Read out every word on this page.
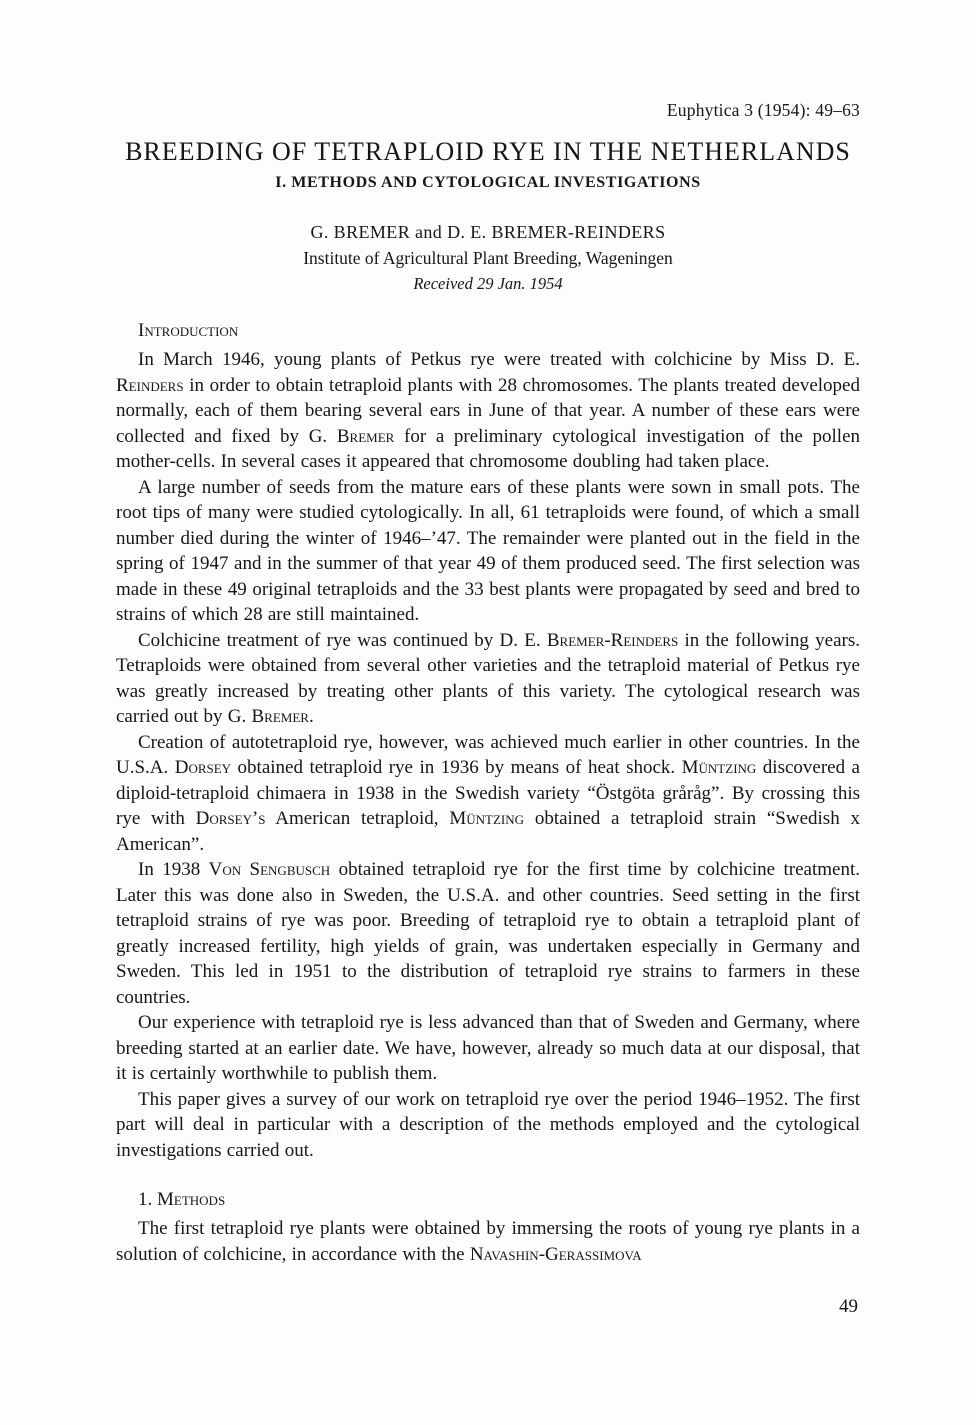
Euphytica 3 (1954): 49–63
BREEDING OF TETRAPLOID RYE IN THE NETHERLANDS
I. METHODS AND CYTOLOGICAL INVESTIGATIONS
G. BREMER and D. E. BREMER-REINDERS
Institute of Agricultural Plant Breeding, Wageningen
Received 29 Jan. 1954
Introduction

In March 1946, young plants of Petkus rye were treated with colchicine by Miss D. E. Reinders in order to obtain tetraploid plants with 28 chromosomes. The plants treated developed normally, each of them bearing several ears in June of that year. A number of these ears were collected and fixed by G. Bremer for a preliminary cytological investigation of the pollen mother-cells. In several cases it appeared that chromosome doubling had taken place.

A large number of seeds from the mature ears of these plants were sown in small pots. The root tips of many were studied cytologically. In all, 61 tetraploids were found, of which a small number died during the winter of 1946–’47. The remainder were planted out in the field in the spring of 1947 and in the summer of that year 49 of them produced seed. The first selection was made in these 49 original tetraploids and the 33 best plants were propagated by seed and bred to strains of which 28 are still maintained.

Colchicine treatment of rye was continued by D. E. Bremer-Reinders in the following years. Tetraploids were obtained from several other varieties and the tetraploid material of Petkus rye was greatly increased by treating other plants of this variety. The cytological research was carried out by G. Bremer.

Creation of autotetraploid rye, however, was achieved much earlier in other countries. In the U.S.A. Dorsey obtained tetraploid rye in 1936 by means of heat shock. Müntzing discovered a diploid-tetraploid chimaera in 1938 in the Swedish variety “Östgöta gråråg”. By crossing this rye with Dorsey’s American tetraploid, Müntzing obtained a tetraploid strain “Swedish x American”.

In 1938 Von Sengbusch obtained tetraploid rye for the first time by colchicine treatment. Later this was done also in Sweden, the U.S.A. and other countries. Seed setting in the first tetraploid strains of rye was poor. Breeding of tetraploid rye to obtain a tetraploid plant of greatly increased fertility, high yields of grain, was undertaken especially in Germany and Sweden. This led in 1951 to the distribution of tetraploid rye strains to farmers in these countries.

Our experience with tetraploid rye is less advanced than that of Sweden and Germany, where breeding started at an earlier date. We have, however, already so much data at our disposal, that it is certainly worthwhile to publish them.

This paper gives a survey of our work on tetraploid rye over the period 1946–1952. The first part will deal in particular with a description of the methods employed and the cytological investigations carried out.

1. Methods

The first tetraploid rye plants were obtained by immersing the roots of young rye plants in a solution of colchicine, in accordance with the Navashin-Gerassimova

49
